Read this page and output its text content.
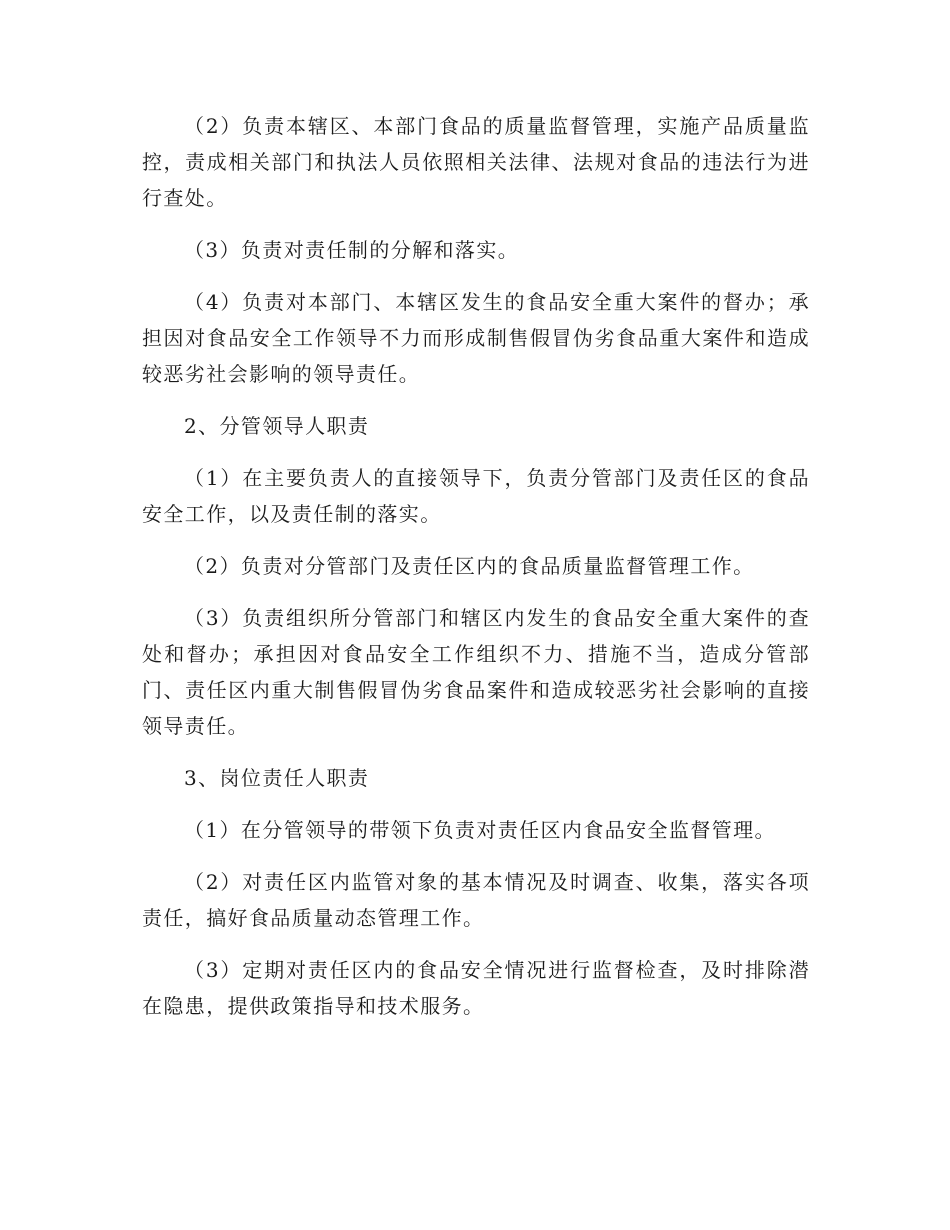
（2）负责本辖区、本部门食品的质量监督管理，实施产品质量监控，责成相关部门和执法人员依照相关法律、法规对食品的违法行为进行查处。

（3）负责对责任制的分解和落实。

（4）负责对本部门、本辖区发生的食品安全重大案件的督办；承担因对食品安全工作领导不力而形成制售假冒伪劣食品重大案件和造成较恶劣社会影响的领导责任。

2、分管领导人职责

（1）在主要负责人的直接领导下，负责分管部门及责任区的食品安全工作，以及责任制的落实。

（2）负责对分管部门及责任区内的食品质量监督管理工作。

（3）负责组织所分管部门和辖区内发生的食品安全重大案件的查处和督办；承担因对食品安全工作组织不力、措施不当，造成分管部门、责任区内重大制售假冒伪劣食品案件和造成较恶劣社会影响的直接领导责任。

3、岗位责任人职责

（1）在分管领导的带领下负责对责任区内食品安全监督管理。

（2）对责任区内监管对象的基本情况及时调查、收集，落实各项责任，搞好食品质量动态管理工作。

（3）定期对责任区内的食品安全情况进行监督检查，及时排除潜在隐患，提供政策指导和技术服务。
